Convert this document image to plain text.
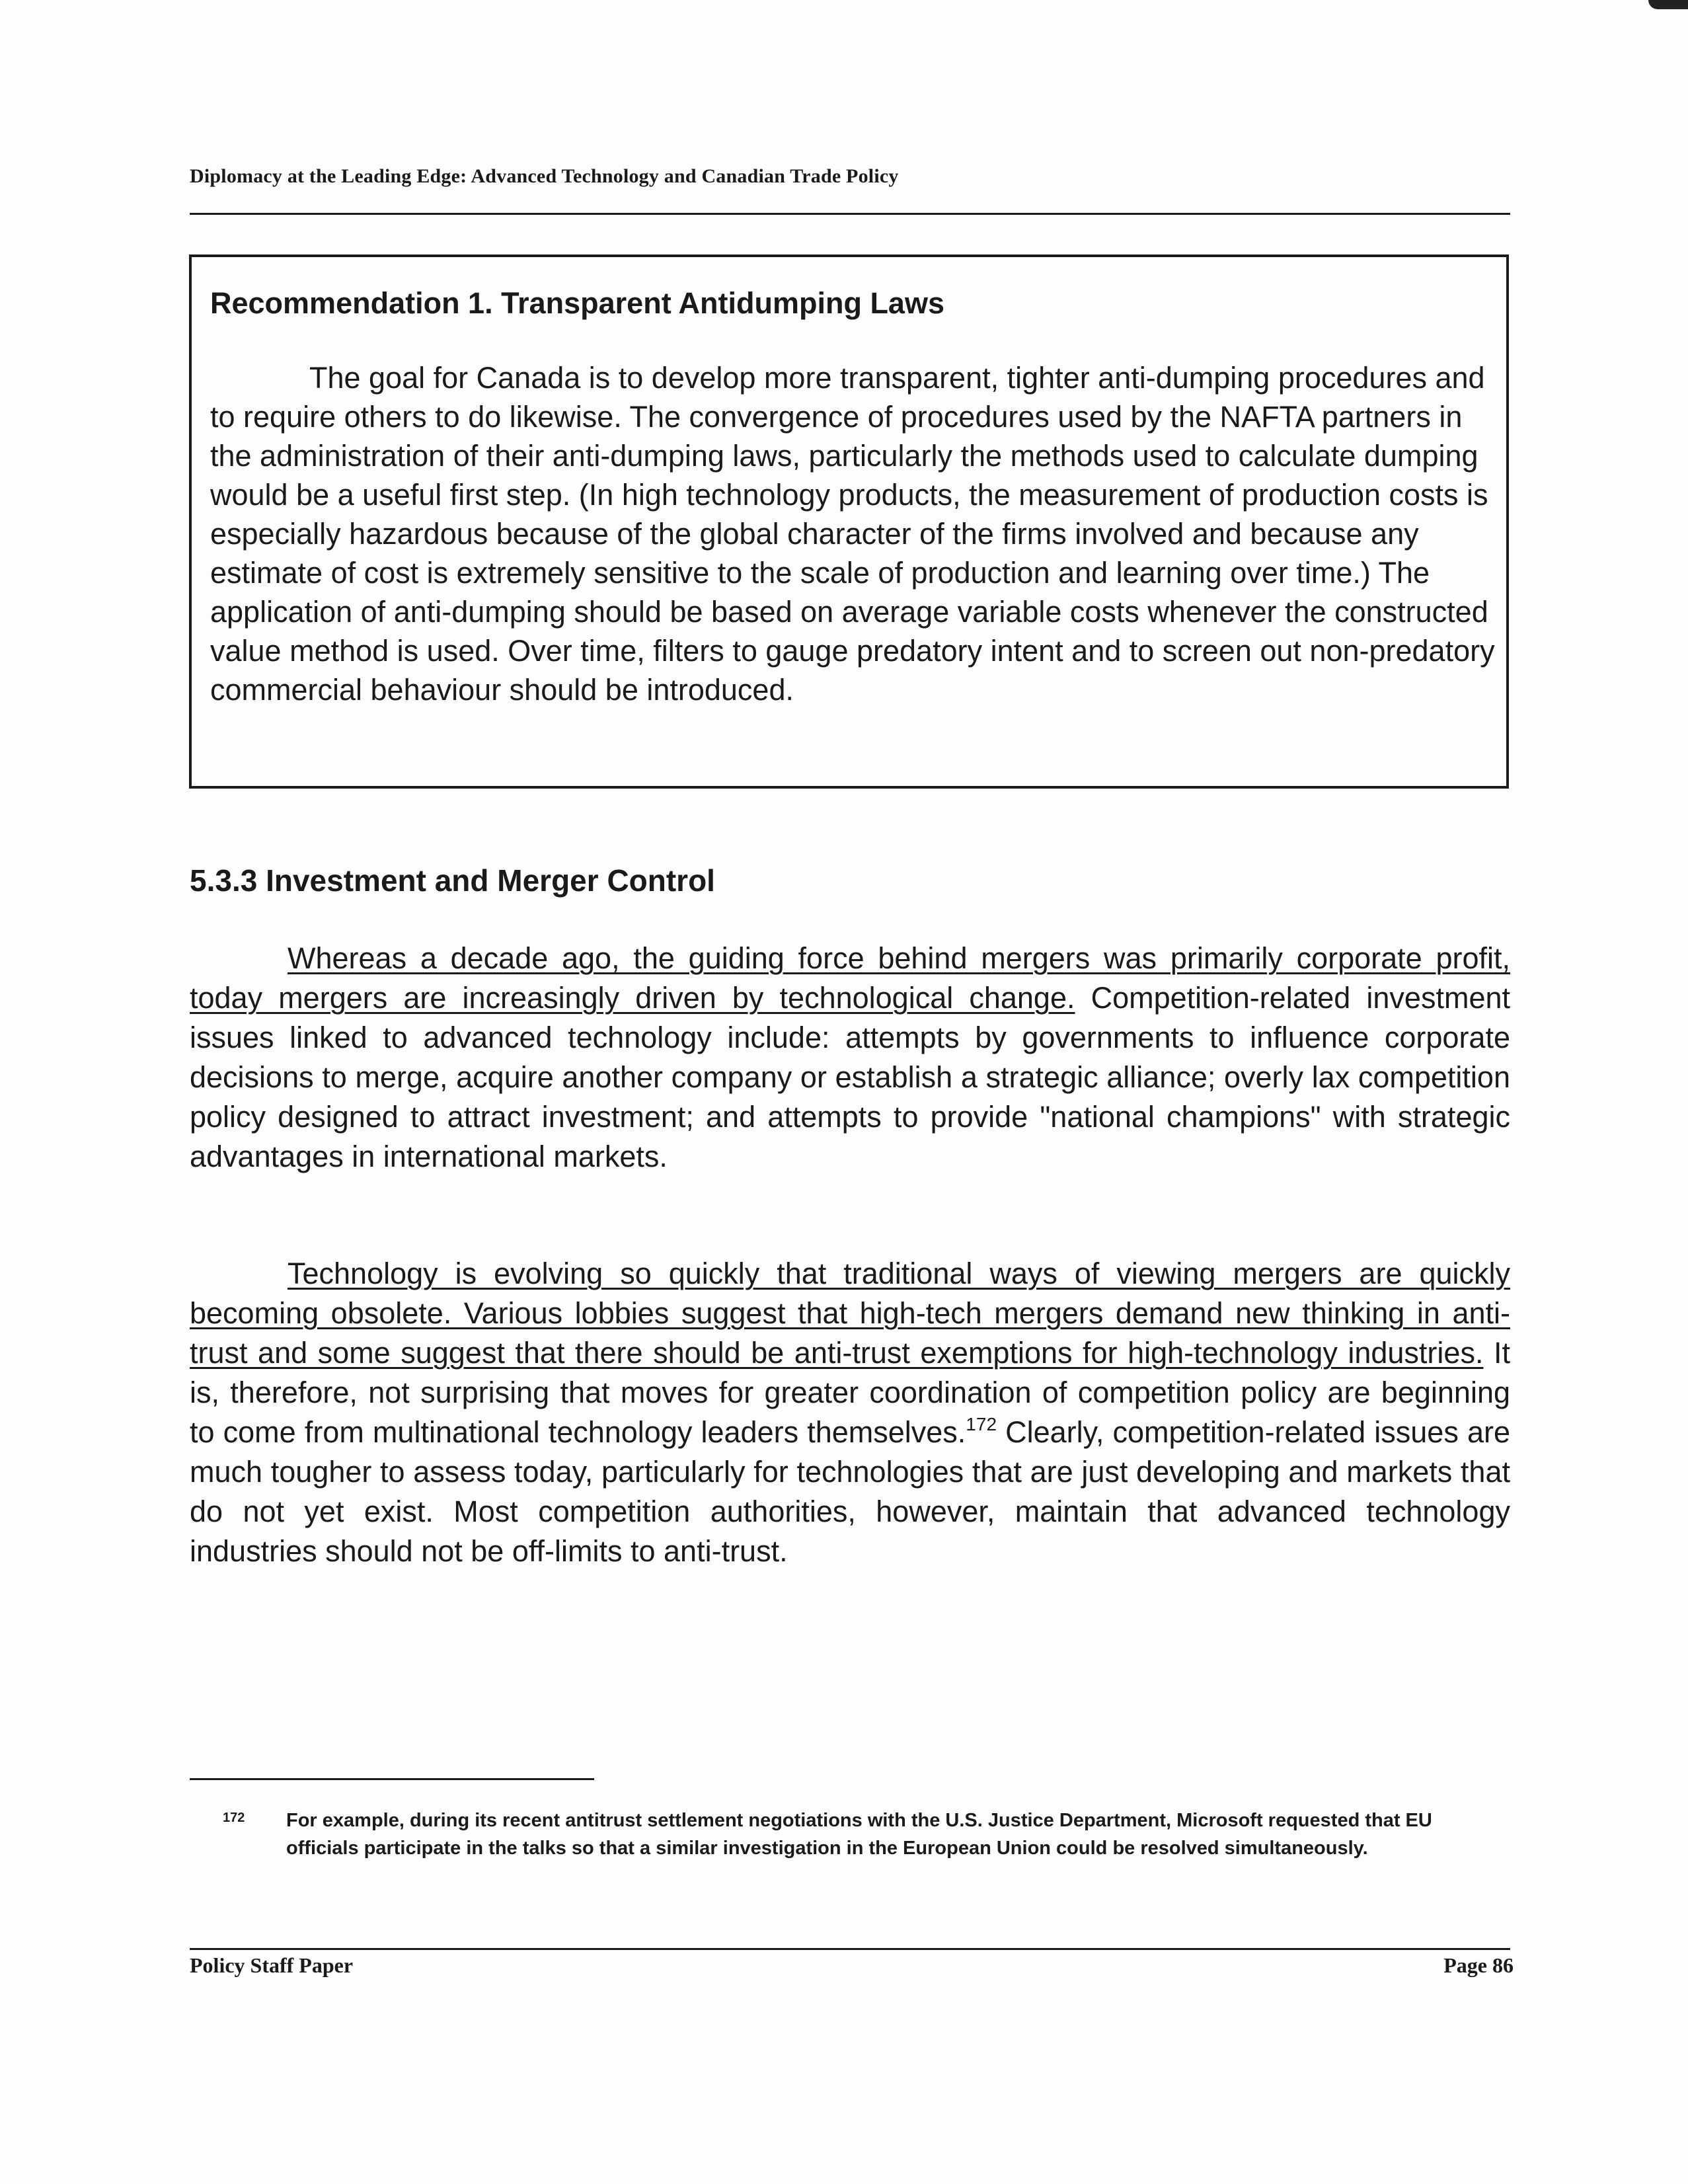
Diplomacy at the Leading Edge: Advanced Technology and Canadian Trade Policy

Recommendation 1. Transparent Antidumping Laws

The goal for Canada is to develop more transparent, tighter anti-dumping procedures and to require others to do likewise. The convergence of procedures used by the NAFTA partners in the administration of their anti-dumping laws, particularly the methods used to calculate dumping would be a useful first step. (In high technology products, the measurement of production costs is especially hazardous because of the global character of the firms involved and because any estimate of cost is extremely sensitive to the scale of production and learning over time.) The application of anti-dumping should be based on average variable costs whenever the constructed value method is used. Over time, filters to gauge predatory intent and to screen out non-predatory commercial behaviour should be introduced.

5.3.3 Investment and Merger Control

Whereas a decade ago, the guiding force behind mergers was primarily corporate profit, today mergers are increasingly driven by technological change. Competition-related investment issues linked to advanced technology include: attempts by governments to influence corporate decisions to merge, acquire another company or establish a strategic alliance; overly lax competition policy designed to attract investment; and attempts to provide "national champions" with strategic advantages in international markets.

Technology is evolving so quickly that traditional ways of viewing mergers are quickly becoming obsolete. Various lobbies suggest that high-tech mergers demand new thinking in anti-trust and some suggest that there should be anti-trust exemptions for high-technology industries. It is, therefore, not surprising that moves for greater coordination of competition policy are beginning to come from multinational technology leaders themselves.$^{172}$ Clearly, competition-related issues are much tougher to assess today, particularly for technologies that are just developing and markets that do not yet exist. Most competition authorities, however, maintain that advanced technology industries should not be off-limits to anti-trust.

172 For example, during its recent antitrust settlement negotiations with the U.S. Justice Department, Microsoft requested that EU officials participate in the talks so that a similar investigation in the European Union could be resolved simultaneously.
Policy Staff Paper	Page 86
